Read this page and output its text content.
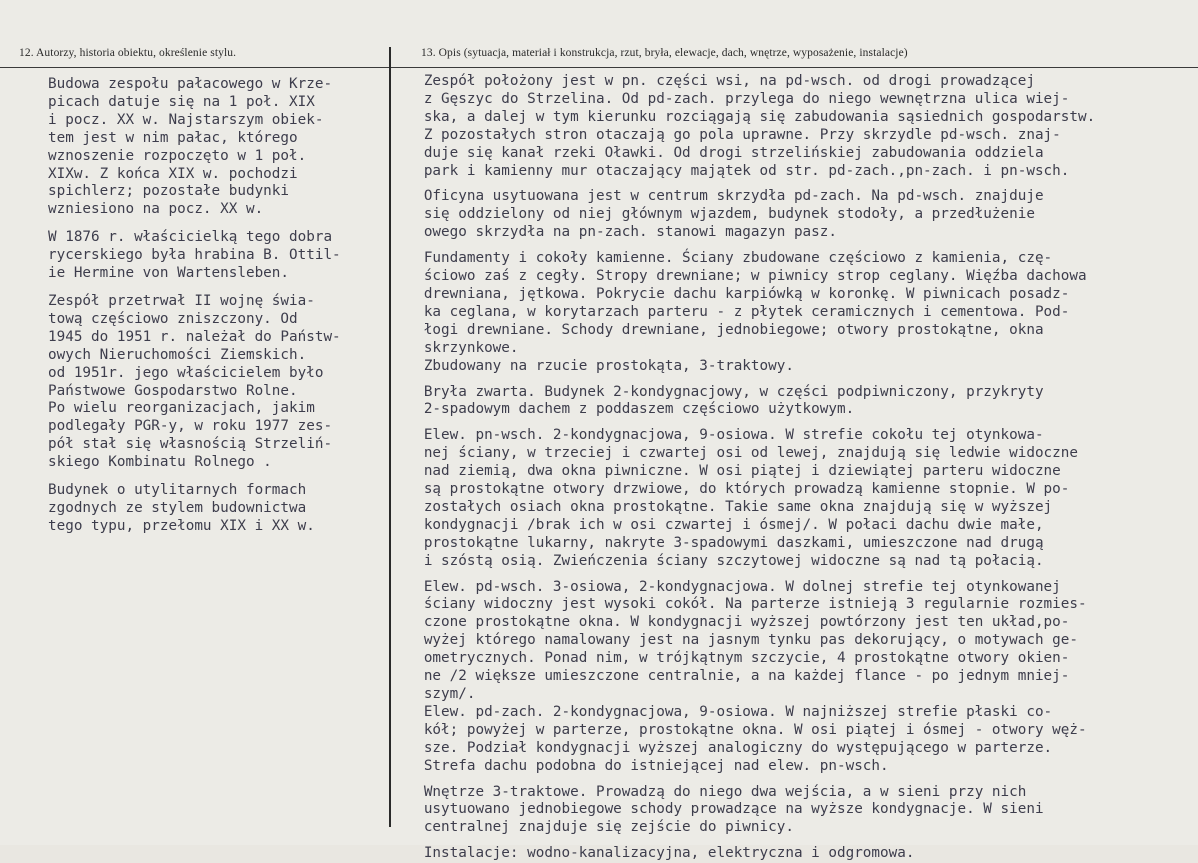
12. Autorzy, historia obiektu, określenie stylu.	13. Opis (sytuacja, materiał i konstrukcja, rzut, bryła, elewacje, dach, wnętrze, wyposażenie, instalacje)
Budowa zespołu pałacowego w Krze-
picach datuje się na 1 poł. XIX
i pocz. XX w. Najstarszym obiek-
tem jest w nim pałac, którego
wznoszenie rozpoczęto w 1 poł.
XIXw. Z końca XIX w. pochodzi
spichlerz; pozostałe budynki
wzniesiono na pocz. XX w.
W 1876 r. właścicielką tego dobra
rycerskiego była hrabina B. Ottil-
ie Hermine von Wartensleben.
Zespół przetrwał II wojnę świa-
tową częściowo zniszczony. Od
1945 do 1951 r. należał do Państw-
owych Nieruchomości Ziemskich.
od 1951r. jego właścicielem było
Państwowe Gospodarstwo Rolne.
Po wielu reorganizacjach, jakim
podlegały PGR-y, w roku 1977 zes-
pół stał się własnością Strzeliń-
skiego Kombinatu Rolnego .
Budynek o utylitarnych formach
zgodnych ze stylem budownictwa
tego typu, przełomu XIX i XX w.
Zespół położony jest w pn. części wsi, na pd-wsch. od drogi prowadzącej
z Gęszyc do Strzelina. Od pd-zach. przylega do niego wewnętrzna ulica wiej-
ska, a dalej w tym kierunku rozciągają się zabudowania sąsiednich gospodarstw.
Z pozostałych stron otaczają go pola uprawne. Przy skrzydle pd-wsch. znaj-
duje się kanał rzeki Oławki. Od drogi strzelińskiej zabudowania oddziela
park i kamienny mur otaczający majątek od str. pd-zach.,pn-zach. i pn-wsch.
Oficyna usytuowana jest w centrum skrzydła pd-zach. Na pd-wsch. znajduje
się oddzielony od niej głównym wjazdem, budynek stodoły, a przedłużenie
owego skrzydła na pn-zach. stanowi magazyn pasz.
Fundamenty i cokoły kamienne. Ściany zbudowane częściowo z kamienia, czę-
ściowo zaś z cegły. Stropy drewniane; w piwnicy strop ceglany. Więźba dachowa
drewniana, jętkowa. Pokrycie dachu karpiówką w koronkę. W piwnicach posadz-
ka ceglana, w korytarzach parteru - z płytek ceramicznych i cementowa. Pod-
łogi drewniane. Schody drewniane, jednobiegowe; otwory prostokątne, okna
skrzynkowe.
Zbudowany na rzucie prostokąta, 3-traktowy.
Bryła zwarta. Budynek 2-kondygnacjowy, w części podpiwniczony, przykryty
2-spadowym dachem z poddaszem częściowo użytkowym.
Elew. pn-wsch. 2-kondygnacjowa, 9-osiowa. W strefie cokołu tej otynkowa-
nej ściany, w trzeciej i czwartej osi od lewej, znajdują się ledwie widoczne
nad ziemią, dwa okna piwniczne. W osi piątej i dziewiątej parteru widoczne
są prostokątne otwory drzwiowe, do których prowadzą kamienne stopnie. W po-
zostałych osiach okna prostokątne. Takie same okna znajdują się w wyższej
kondygnacji /brak ich w osi czwartej i ósmej/. W połaci dachu dwie małe,
prostokątne lukarny, nakryte 3-spadowymi daszkami, umieszczone nad drugą
i szóstą osią. Zwieńczenia ściany szczytowej widoczne są nad tą połacią.
Elew. pd-wsch. 3-osiowa, 2-kondygnacjowa. W dolnej strefie tej otynkowanej
ściany widoczny jest wysoki cokół. Na parterze istnieją 3 regularnie rozmies-
czone prostokątne okna. W kondygnacji wyższej powtórzony jest ten układ,po-
wyżej którego namalowany jest na jasnym tynku pas dekorujący, o motywach ge-
ometrycznych. Ponad nim, w trójkątnym szczycie, 4 prostokątne otwory okien-
ne /2 większe umieszczone centralnie, a na każdej flance - po jednym mniej-
szym/.
Elew. pd-zach. 2-kondygnacjowa, 9-osiowa. W najniższej strefie płaski co-
kół; powyżej w parterze, prostokątne okna. W osi piątej i ósmej - otwory węż-
sze. Podział kondygnacji wyższej analogiczny do występującego w parterze.
Strefa dachu podobna do istniejącej nad elew. pn-wsch.
Wnętrze 3-traktowe. Prowadzą do niego dwa wejścia, a w sieni przy nich
usytuowano jednobiegowe schody prowadzące na wyższe kondygnacje. W sieni
centralnej znajduje się zejście do piwnicy.
Instalacje: wodno-kanalizacyjna, elektryczna i odgromowa.
